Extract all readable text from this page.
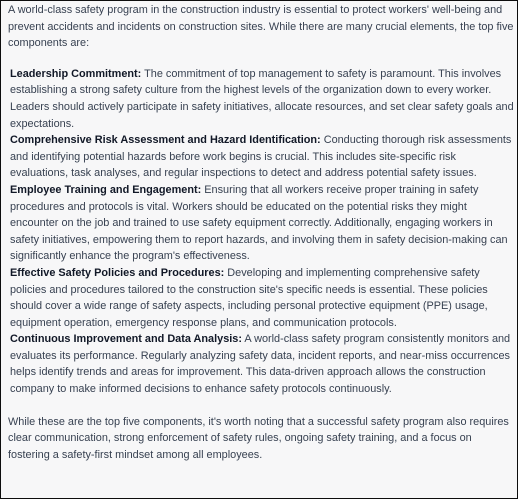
A world-class safety program in the construction industry is essential to protect workers' well-being and prevent accidents and incidents on construction sites. While there are many crucial elements, the top five components are:

Leadership Commitment: The commitment of top management to safety is paramount. This involves establishing a strong safety culture from the highest levels of the organization down to every worker. Leaders should actively participate in safety initiatives, allocate resources, and set clear safety goals and expectations.
Comprehensive Risk Assessment and Hazard Identification: Conducting thorough risk assessments and identifying potential hazards before work begins is crucial. This includes site-specific risk evaluations, task analyses, and regular inspections to detect and address potential safety issues.
Employee Training and Engagement: Ensuring that all workers receive proper training in safety procedures and protocols is vital. Workers should be educated on the potential risks they might encounter on the job and trained to use safety equipment correctly. Additionally, engaging workers in safety initiatives, empowering them to report hazards, and involving them in safety decision-making can significantly enhance the program's effectiveness.
Effective Safety Policies and Procedures: Developing and implementing comprehensive safety policies and procedures tailored to the construction site's specific needs is essential. These policies should cover a wide range of safety aspects, including personal protective equipment (PPE) usage, equipment operation, emergency response plans, and communication protocols.
Continuous Improvement and Data Analysis: A world-class safety program consistently monitors and evaluates its performance. Regularly analyzing safety data, incident reports, and near-miss occurrences helps identify trends and areas for improvement. This data-driven approach allows the construction company to make informed decisions to enhance safety protocols continuously.

While these are the top five components, it's worth noting that a successful safety program also requires clear communication, strong enforcement of safety rules, ongoing safety training, and a focus on fostering a safety-first mindset among all employees.
